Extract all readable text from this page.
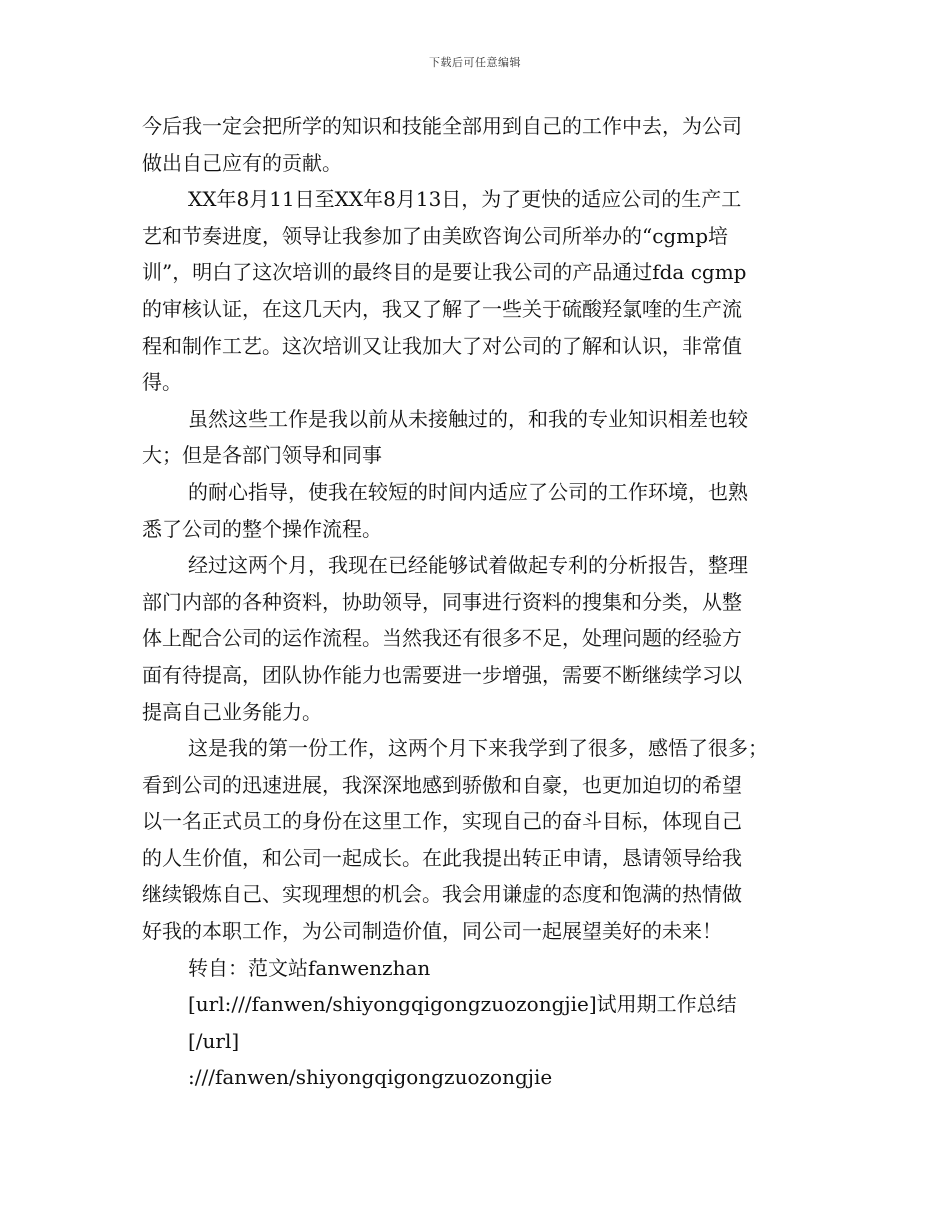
下载后可任意编辑
今后我一定会把所学的知识和技能全部用到自己的工作中去，为公司
做出自己应有的贡献。
XX年8月11日至XX年8月13日，为了更快的适应公司的生产工
艺和节奏进度，领导让我参加了由美欧咨询公司所举办的“cgmp培
训”，明白了这次培训的最终目的是要让我公司的产品通过fda cgmp
的审核认证，在这几天内，我又了解了一些关于硫酸羟氯喹的生产流
程和制作工艺。这次培训又让我加大了对公司的了解和认识，非常值
得。
虽然这些工作是我以前从未接触过的，和我的专业知识相差也较
大；但是各部门领导和同事
的耐心指导，使我在较短的时间内适应了公司的工作环境，也熟
悉了公司的整个操作流程。
经过这两个月，我现在已经能够试着做起专利的分析报告，整理
部门内部的各种资料，协助领导，同事进行资料的搜集和分类，从整
体上配合公司的运作流程。当然我还有很多不足，处理问题的经验方
面有待提高，团队协作能力也需要进一步增强，需要不断继续学习以
提高自己业务能力。
这是我的第一份工作，这两个月下来我学到了很多，感悟了很多；
看到公司的迅速进展，我深深地感到骄傲和自豪，也更加迫切的希望
以一名正式员工的身份在这里工作，实现自己的奋斗目标，体现自己
的人生价值，和公司一起成长。在此我提出转正申请，恳请领导给我
继续锻炼自己、实现理想的机会。我会用谦虚的态度和饱满的热情做
好我的本职工作，为公司制造价值，同公司一起展望美好的未来！
转自：范文站fanwenzhan
[url:///fanwen/shiyongqigongzuozongjie]试用期工作总结
[/url]
:///fanwen/shiyongqigongzuozongjie
